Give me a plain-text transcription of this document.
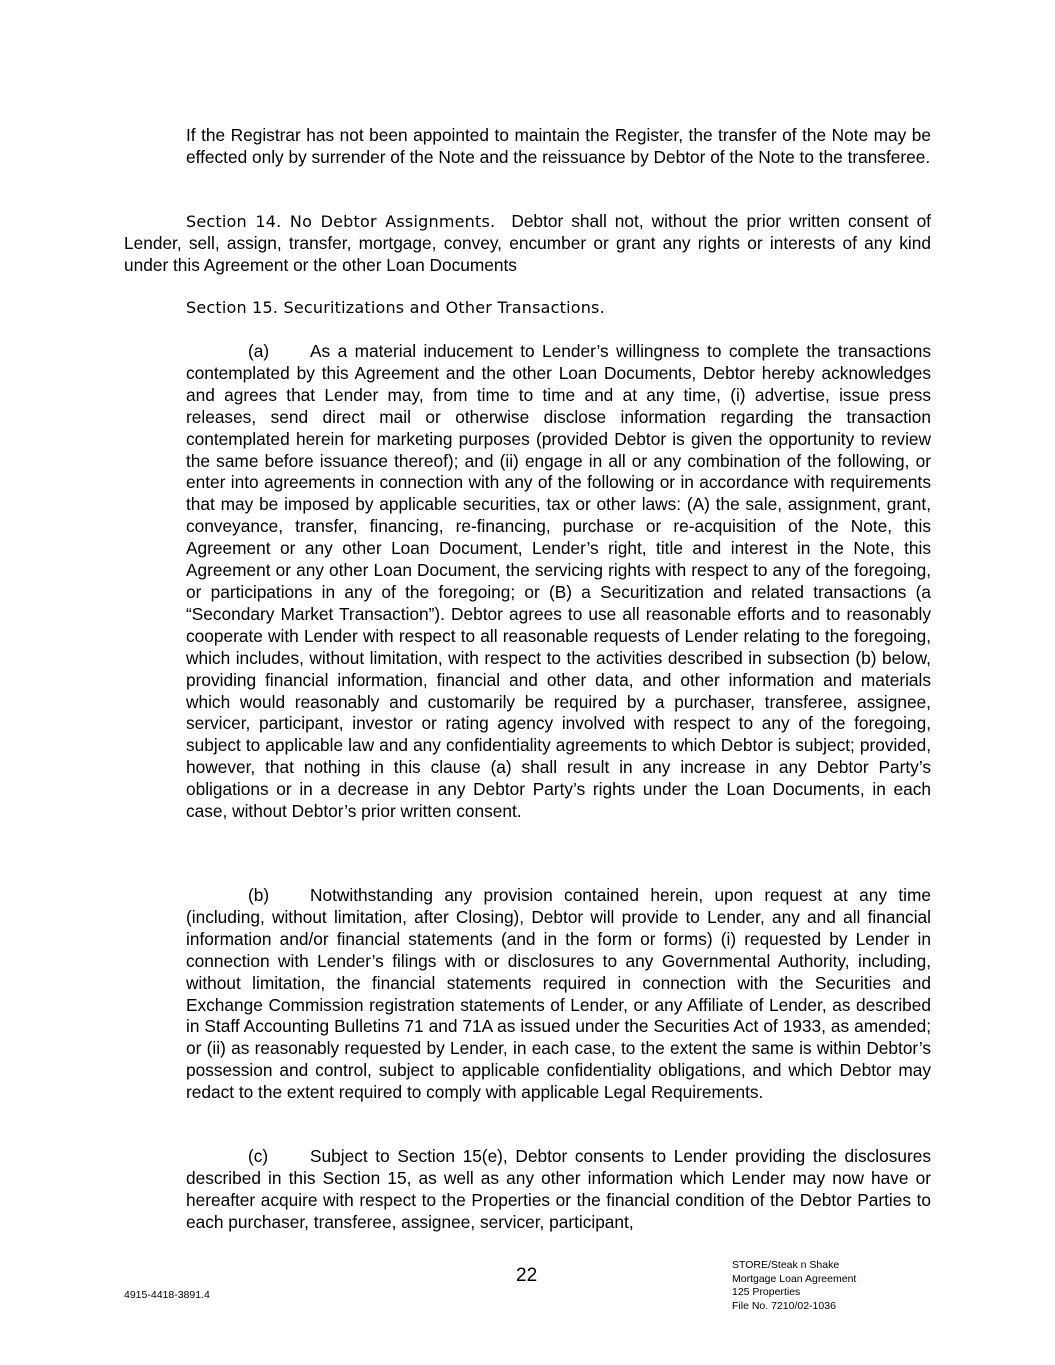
If the Registrar has not been appointed to maintain the Register, the transfer of the Note may be effected only by surrender of the Note and the reissuance by Debtor of the Note to the transferee.

Section 14. No Debtor Assignments. Debtor shall not, without the prior written consent of Lender, sell, assign, transfer, mortgage, convey, encumber or grant any rights or interests of any kind under this Agreement or the other Loan Documents

Section 15. Securitizations and Other Transactions.

(a) As a material inducement to Lender’s willingness to complete the transactions contemplated by this Agreement and the other Loan Documents, Debtor hereby acknowledges and agrees that Lender may, from time to time and at any time, (i) advertise, issue press releases, send direct mail or otherwise disclose information regarding the transaction contemplated herein for marketing purposes (provided Debtor is given the opportunity to review the same before issuance thereof); and (ii) engage in all or any combination of the following, or enter into agreements in connection with any of the following or in accordance with requirements that may be imposed by applicable securities, tax or other laws: (A) the sale, assignment, grant, conveyance, transfer, financing, re-financing, purchase or re-acquisition of the Note, this Agreement or any other Loan Document, Lender’s right, title and interest in the Note, this Agreement or any other Loan Document, the servicing rights with respect to any of the foregoing, or participations in any of the foregoing; or (B) a Securitization and related transactions (a “Secondary Market Transaction”). Debtor agrees to use all reasonable efforts and to reasonably cooperate with Lender with respect to all reasonable requests of Lender relating to the foregoing, which includes, without limitation, with respect to the activities described in subsection (b) below, providing financial information, financial and other data, and other information and materials which would reasonably and customarily be required by a purchaser, transferee, assignee, servicer, participant, investor or rating agency involved with respect to any of the foregoing, subject to applicable law and any confidentiality agreements to which Debtor is subject; provided, however, that nothing in this clause (a) shall result in any increase in any Debtor Party’s obligations or in a decrease in any Debtor Party’s rights under the Loan Documents, in each case, without Debtor’s prior written consent.

(b) Notwithstanding any provision contained herein, upon request at any time (including, without limitation, after Closing), Debtor will provide to Lender, any and all financial information and/or financial statements (and in the form or forms) (i) requested by Lender in connection with Lender’s filings with or disclosures to any Governmental Authority, including, without limitation, the financial statements required in connection with the Securities and Exchange Commission registration statements of Lender, or any Affiliate of Lender, as described in Staff Accounting Bulletins 71 and 71A as issued under the Securities Act of 1933, as amended; or (ii) as reasonably requested by Lender, in each case, to the extent the same is within Debtor’s possession and control, subject to applicable confidentiality obligations, and which Debtor may redact to the extent required to comply with applicable Legal Requirements.

(c) Subject to Section 15(e), Debtor consents to Lender providing the disclosures described in this Section 15, as well as any other information which Lender may now have or hereafter acquire with respect to the Properties or the financial condition of the Debtor Parties to each purchaser, transferee, assignee, servicer, participant,

22
4915-4418-3891.4
STORE/Steak n Shake
Mortgage Loan Agreement
125 Properties
File No. 7210/02-1036
